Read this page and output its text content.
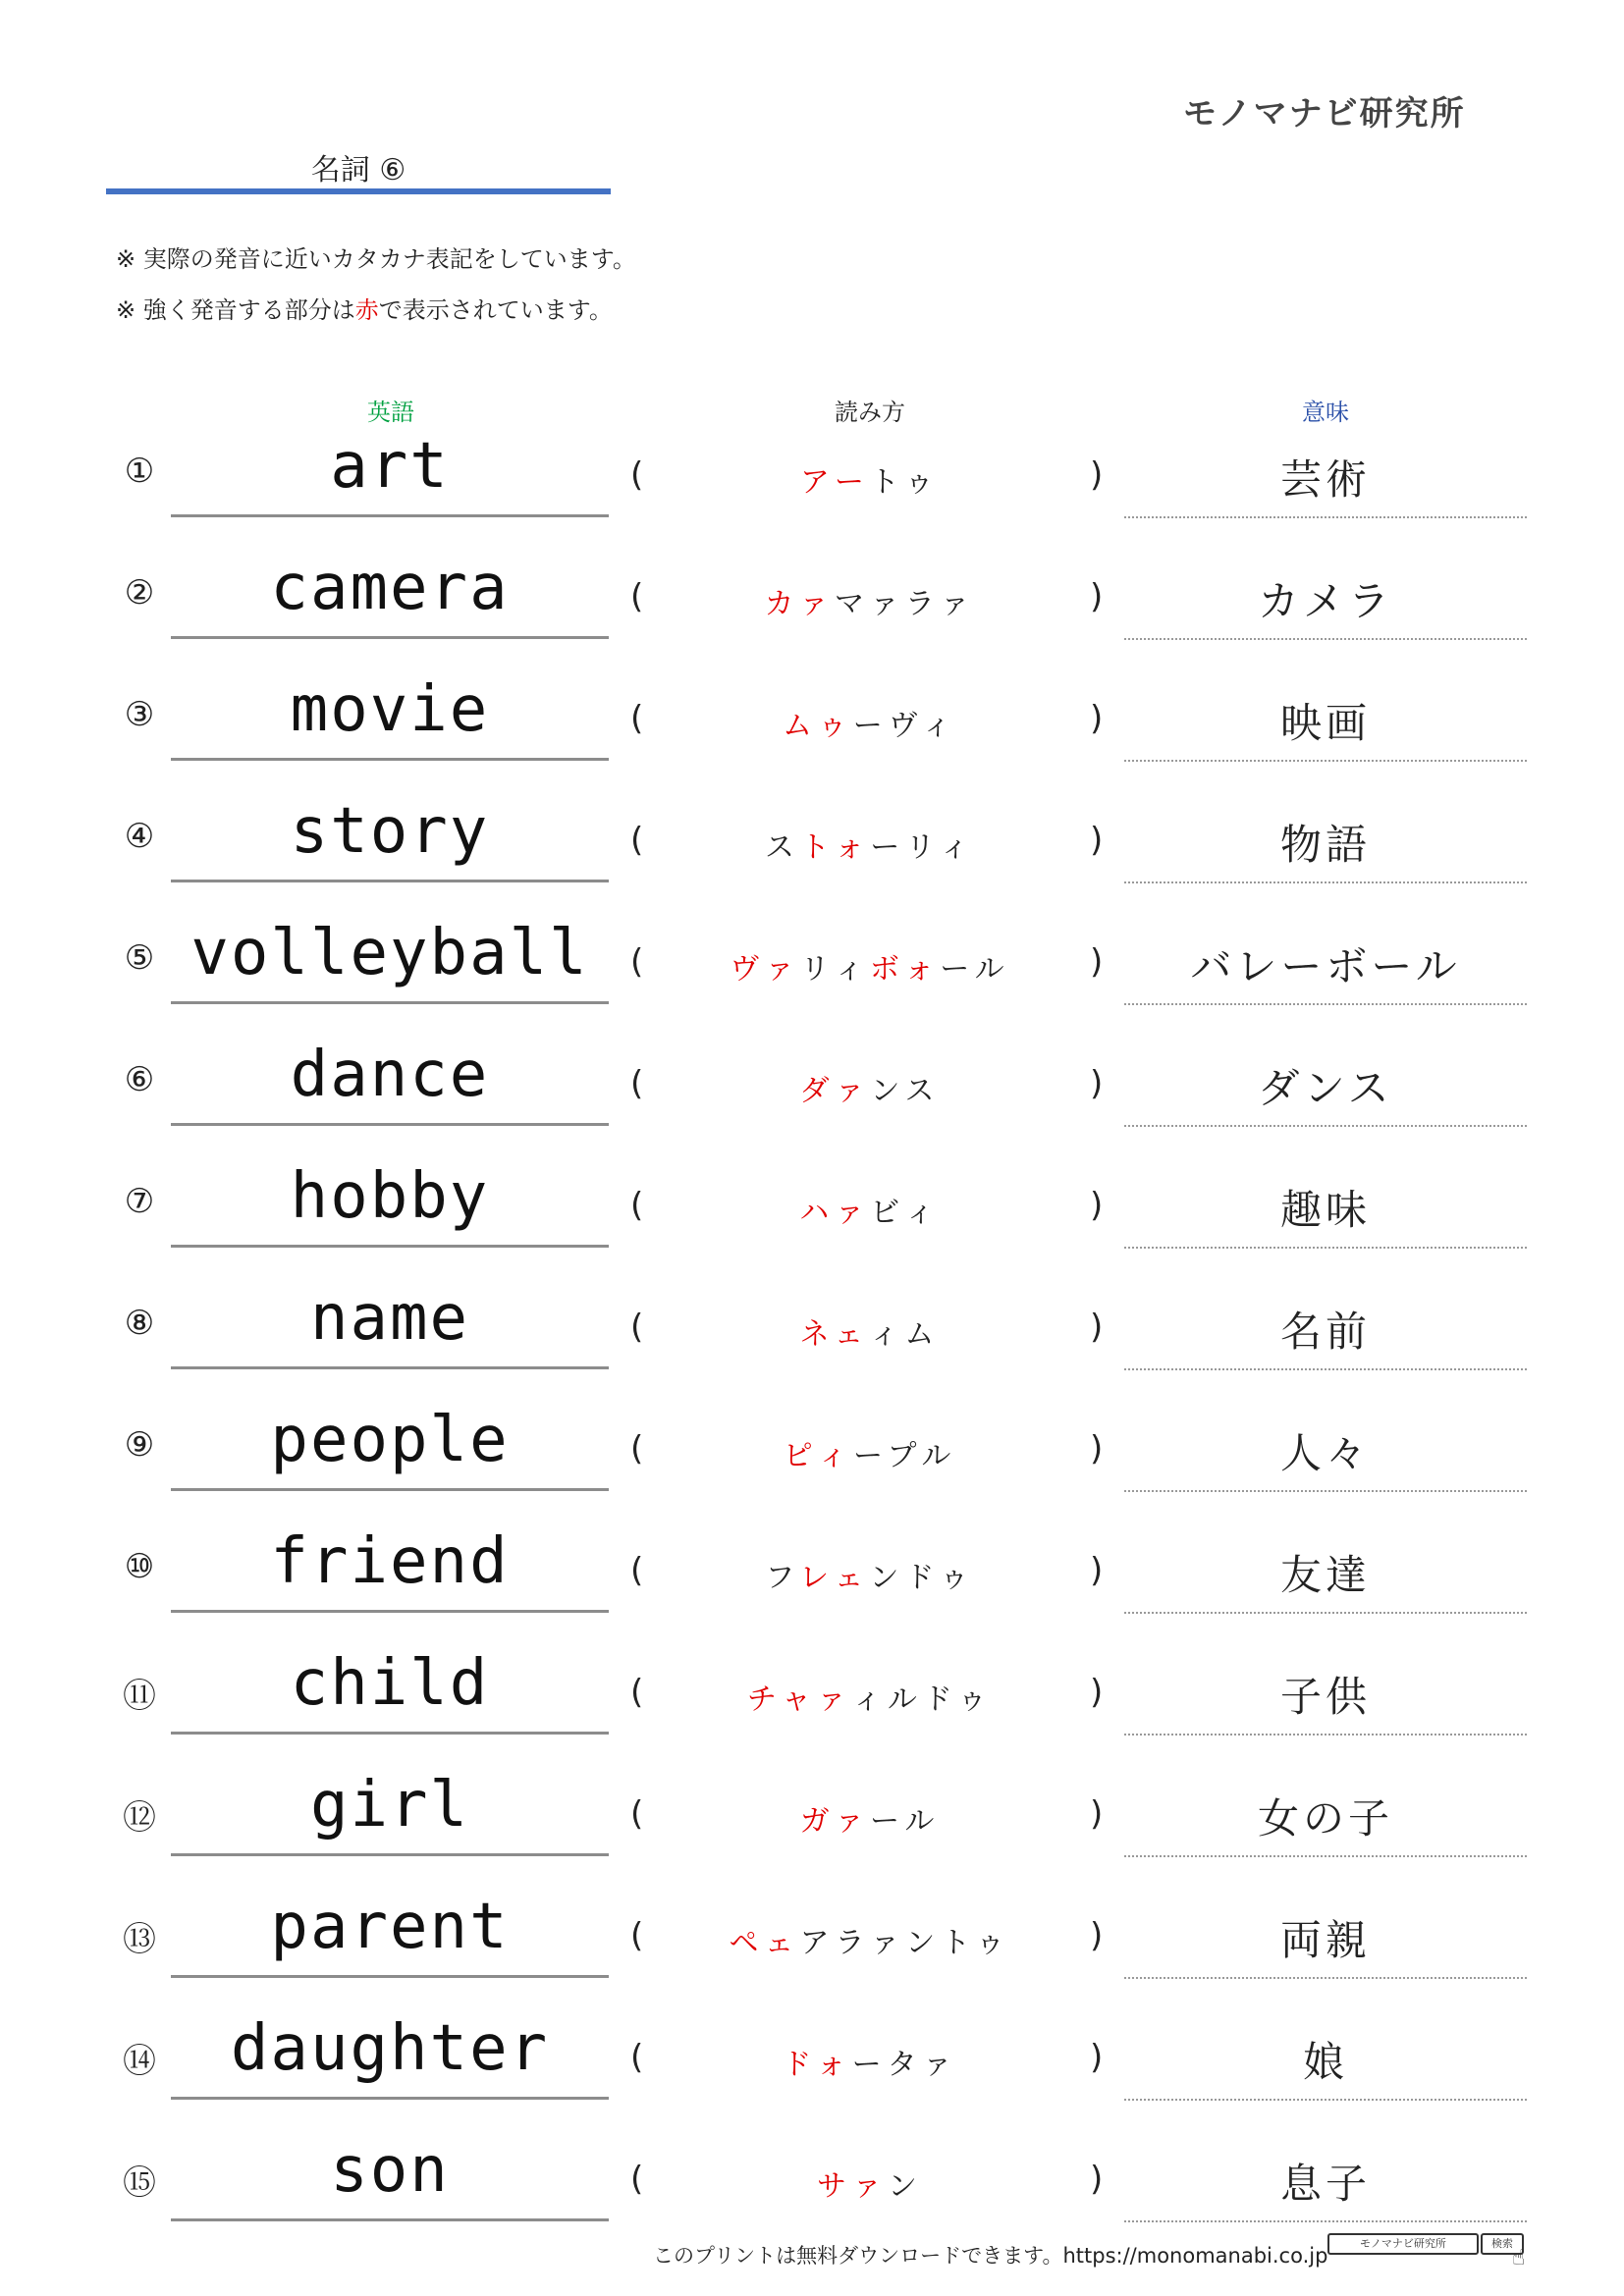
モノマナビ研究所
名詞 ⑥
※ 実際の発音に近いカタカナ表記をしています。
※ 強く発音する部分は赤で表示されています。
英語	読み方	意味
①	art	(	アートゥ	)	芸術
②	camera	(	カァマァラァ	)	カメラ
③	movie	(	ムゥーヴィ	)	映画
④	story	(	ストォーリィ	)	物語
⑤ volleyball	(	ヴァリィボォール	)	バレーボール
⑥	dance	(	ダァンス	)	ダンス
⑦	hobby	(	ハァビィ	)	趣味
⑧	name	(	ネェィム	)	名前
⑨	people	(	ピィープル	)	人々
⑩	friend	(	フレェンドゥ	)	友達
⑪	child	(	チャァィルドゥ	)	子供
⑫	girl	(	ガァール	)	女の子
⑬	parent	(	ペェアラァントゥ	)	両親
⑭	daughter	(	ドォータァ	)	娘
⑮	son	(	サァン	)	息子
このプリントは無料ダウンロードできます。https://monomanabi.co.jp
モノマナビ研究所	検索
☝
